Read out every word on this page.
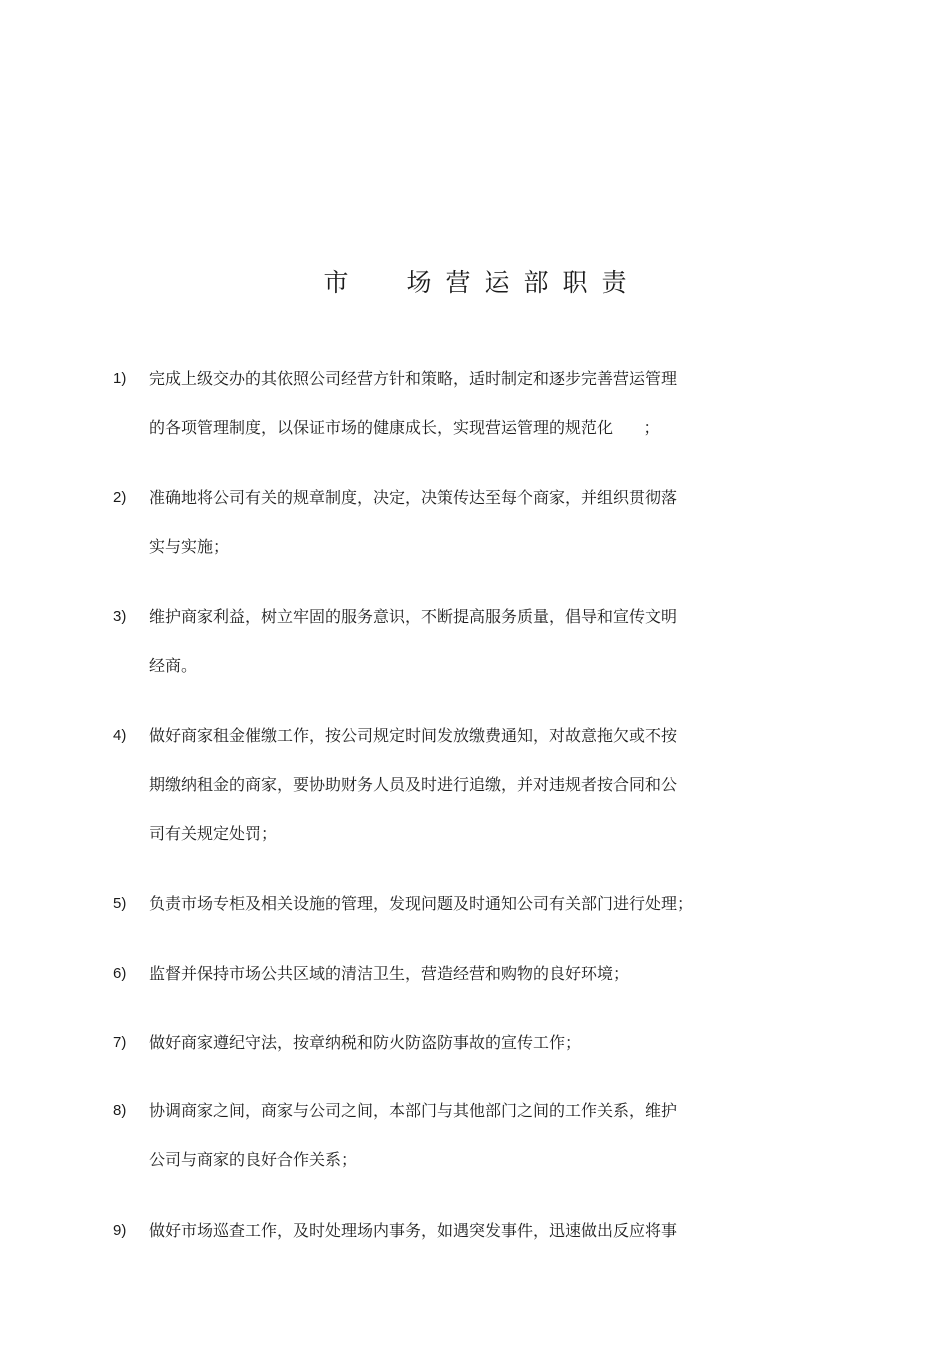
市  场营运部职责
1)	完成上级交办的其依照公司经营方针和策略，适时制定和逐步完善营运管理
的各项管理制度，以保证市场的健康成长，实现营运管理的规范化      ；
2)	准确地将公司有关的规章制度，决定，决策传达至每个商家，并组织贯彻落
实与实施；
3)	维护商家利益，树立牢固的服务意识，不断提高服务质量，倡导和宣传文明
经商。
4)	做好商家租金催缴工作，按公司规定时间发放缴费通知，对故意拖欠或不按
期缴纳租金的商家，要协助财务人员及时进行追缴，并对违规者按合同和公
司有关规定处罚；
5)	负责市场专柜及相关设施的管理，发现问题及时通知公司有关部门进行处理；
6)	监督并保持市场公共区域的清洁卫生，营造经营和购物的良好环境；
7)	做好商家遵纪守法，按章纳税和防火防盗防事故的宣传工作；
8)	协调商家之间，商家与公司之间，本部门与其他部门之间的工作关系，维护
公司与商家的良好合作关系；
9)	做好市场巡查工作，及时处理场内事务，如遇突发事件，迅速做出反应将事
